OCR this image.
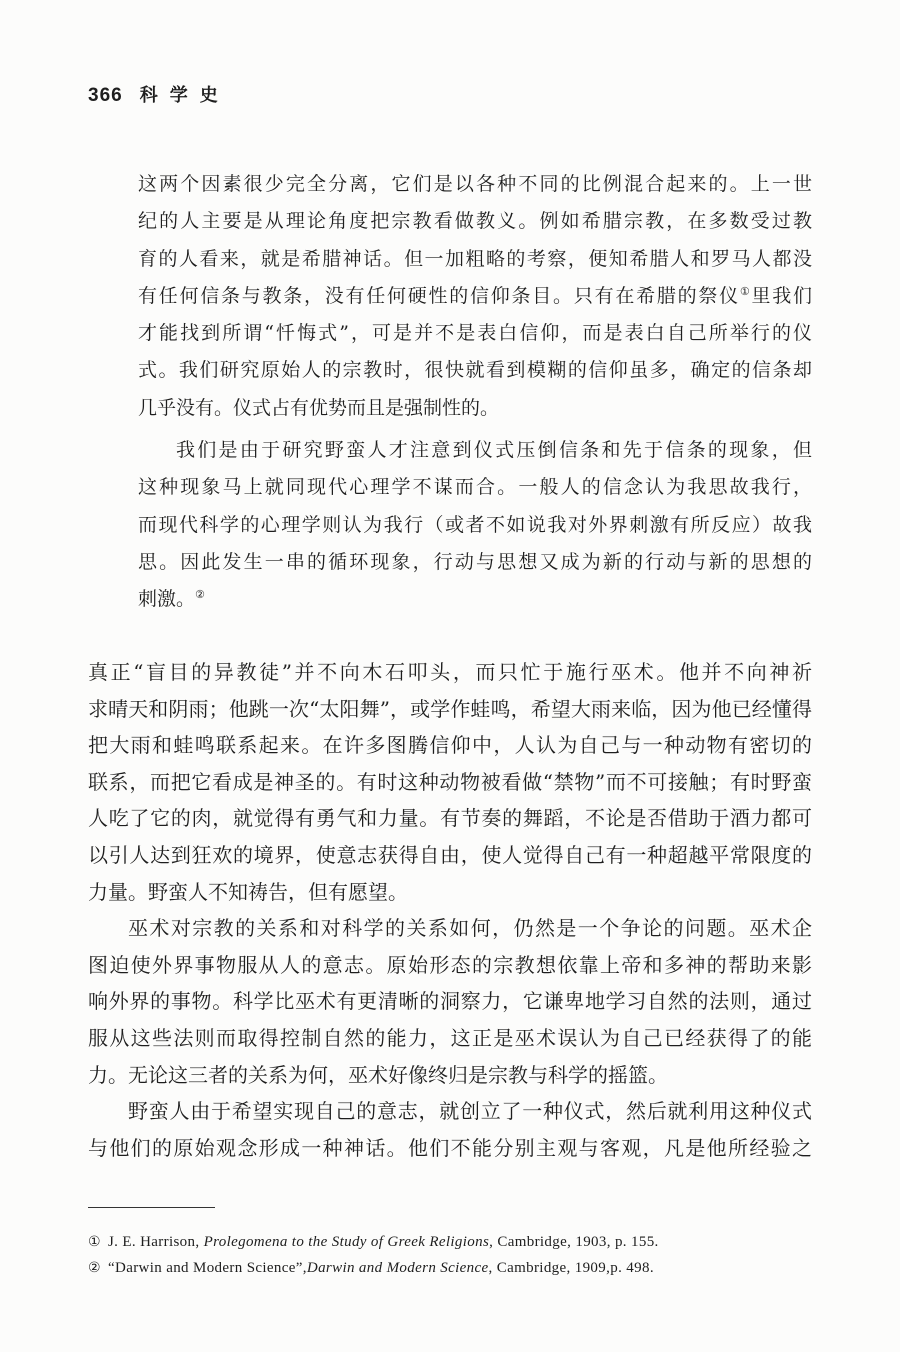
366 科 学 史
这两个因素很少完全分离，它们是以各种不同的比例混合起来的。上一世
纪的人主要是从理论角度把宗教看做教义。例如希腊宗教，在多数受过教
育的人看来，就是希腊神话。但一加粗略的考察，便知希腊人和罗马人都没
有任何信条与教条，没有任何硬性的信仰条目。只有在希腊的祭仪①里我们
才能找到所谓“忏悔式”，可是并不是表白信仰，而是表白自己所举行的仪
式。我们研究原始人的宗教时，很快就看到模糊的信仰虽多，确定的信条却
几乎没有。仪式占有优势而且是强制性的。
我们是由于研究野蛮人才注意到仪式压倒信条和先于信条的现象，但
这种现象马上就同现代心理学不谋而合。一般人的信念认为我思故我行，
而现代科学的心理学则认为我行（或者不如说我对外界刺激有所反应）故我
思。因此发生一串的循环现象，行动与思想又成为新的行动与新的思想的
刺激。②
真正“盲目的异教徒”并不向木石叩头，而只忙于施行巫术。他并不向神祈
求晴天和阴雨；他跳一次“太阳舞”，或学作蛙鸣，希望大雨来临，因为他已经懂得
把大雨和蛙鸣联系起来。在许多图腾信仰中，人认为自己与一种动物有密切的
联系，而把它看成是神圣的。有时这种动物被看做“禁物”而不可接触；有时野蛮
人吃了它的肉，就觉得有勇气和力量。有节奏的舞蹈，不论是否借助于酒力都可
以引人达到狂欢的境界，使意志获得自由，使人觉得自己有一种超越平常限度的
力量。野蛮人不知祷告，但有愿望。
巫术对宗教的关系和对科学的关系如何，仍然是一个争论的问题。巫术企
图迫使外界事物服从人的意志。原始形态的宗教想依靠上帝和多神的帮助来影
响外界的事物。科学比巫术有更清晰的洞察力，它谦卑地学习自然的法则，通过
服从这些法则而取得控制自然的能力，这正是巫术误认为自己已经获得了的能
力。无论这三者的关系为何，巫术好像终归是宗教与科学的摇篮。
野蛮人由于希望实现自己的意志，就创立了一种仪式，然后就利用这种仪式
与他们的原始观念形成一种神话。他们不能分别主观与客观，凡是他所经验之
① J. E. Harrison, Prolegomena to the Study of Greek Religions, Cambridge, 1903, p. 155.
② “Darwin and Modern Science”,Darwin and Modern Science, Cambridge, 1909,p. 498.
